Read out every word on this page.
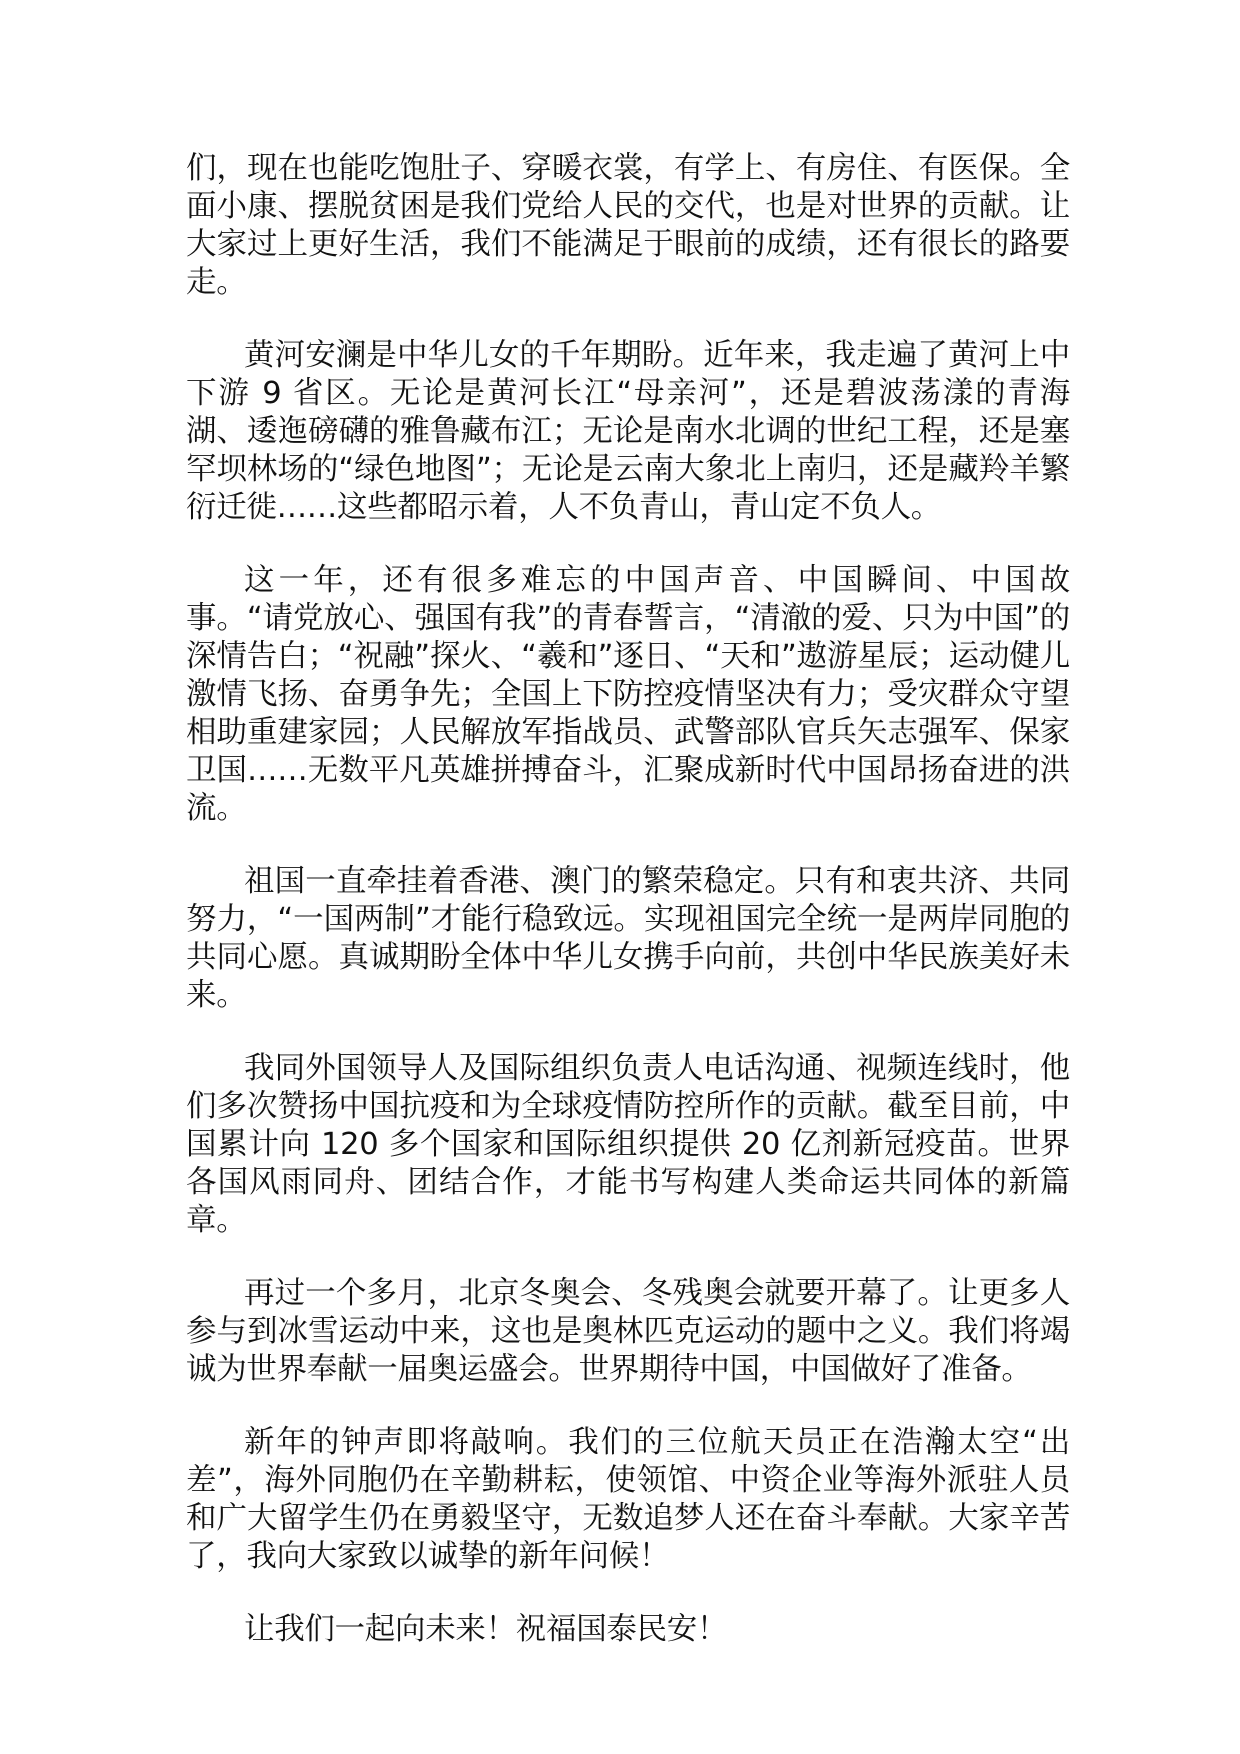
们，现在也能吃饱肚子、穿暖衣裳，有学上、有房住、有医保。全面小康、摆脱贫困是我们党给人民的交代，也是对世界的贡献。让大家过上更好生活，我们不能满足于眼前的成绩，还有很长的路要走。

黄河安澜是中华儿女的千年期盼。近年来，我走遍了黄河上中下游 9 省区。无论是黄河长江“母亲河”，还是碧波荡漾的青海湖、逶迤磅礴的雅鲁藏布江；无论是南水北调的世纪工程，还是塞罕坝林场的“绿色地图”；无论是云南大象北上南归，还是藏羚羊繁衍迁徙……这些都昭示着，人不负青山，青山定不负人。

这一年，还有很多难忘的中国声音、中国瞬间、中国故事。“请党放心、强国有我”的青春誓言，“清澈的爱、只为中国”的深情告白；“祝融”探火、“羲和”逐日、“天和”遨游星辰；运动健儿激情飞扬、奋勇争先；全国上下防控疫情坚决有力；受灾群众守望相助重建家园；人民解放军指战员、武警部队官兵矢志强军、保家卫国……无数平凡英雄拼搏奋斗，汇聚成新时代中国昂扬奋进的洪流。

祖国一直牵挂着香港、澳门的繁荣稳定。只有和衷共济、共同努力，“一国两制”才能行稳致远。实现祖国完全统一是两岸同胞的共同心愿。真诚期盼全体中华儿女携手向前，共创中华民族美好未来。

我同外国领导人及国际组织负责人电话沟通、视频连线时，他们多次赞扬中国抗疫和为全球疫情防控所作的贡献。截至目前，中国累计向 120 多个国家和国际组织提供 20 亿剂新冠疫苗。世界各国风雨同舟、团结合作，才能书写构建人类命运共同体的新篇章。

再过一个多月，北京冬奥会、冬残奥会就要开幕了。让更多人参与到冰雪运动中来，这也是奥林匹克运动的题中之义。我们将竭诚为世界奉献一届奥运盛会。世界期待中国，中国做好了准备。

新年的钟声即将敲响。我们的三位航天员正在浩瀚太空“出差”，海外同胞仍在辛勤耕耘，使领馆、中资企业等海外派驻人员和广大留学生仍在勇毅坚守，无数追梦人还在奋斗奉献。大家辛苦了，我向大家致以诚挚的新年问候！

让我们一起向未来！祝福国泰民安！
